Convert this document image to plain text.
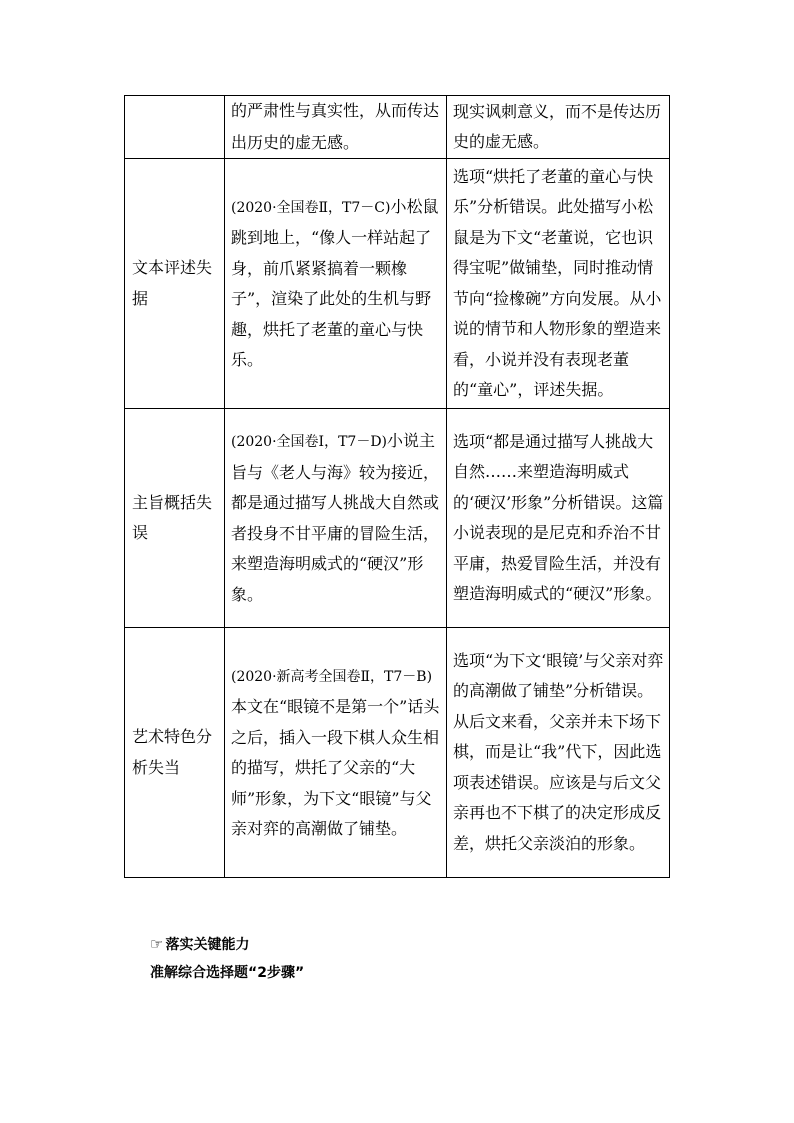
	的严肃性与真实性，从而传达出历史的虚无感。	现实讽刺意义，而不是传达历史的虚无感。

文本评述失据	(2020·全国卷Ⅱ，T7－C)小松鼠跳到地上，“像人一样站起了身，前爪紧紧搞着一颗橡子”，渲染了此处的生机与野趣，烘托了老董的童心与快乐。	选项“烘托了老董的童心与快乐”分析错误。此处描写小松鼠是为下文“老董说，它也识得宝呢”做铺垫，同时推动情节向“捡橡碗”方向发展。从小说的情节和人物形象的塑造来看，小说并没有表现老董的“童心”，评述失据。

主旨概括失误	(2020·全国卷Ⅰ，T7－D)小说主旨与《老人与海》较为接近，都是通过描写人挑战大自然或者投身不甘平庸的冒险生活，来塑造海明威式的“硬汉”形象。	选项“都是通过描写人挑战大自然……来塑造海明威式的‘硬汉’形象”分析错误。这篇小说表现的是尼克和乔治不甘平庸，热爱冒险生活，并没有塑造海明威式的“硬汉”形象。

艺术特色分析失当	(2020·新高考全国卷Ⅱ，T7－B)本文在“眼镜不是第一个”话头之后，插入一段下棋人众生相的描写，烘托了父亲的“大师”形象，为下文“眼镜”与父亲对弈的高潮做了铺垫。	选项“为下文‘眼镜’与父亲对弈的高潮做了铺垫”分析错误。从后文来看，父亲并未下场下棋，而是让“我”代下，因此选项表述错误。应该是与后文父亲再也不下棋了的决定形成反差，烘托父亲淡泊的形象。
☞ 落实关键能力
准解综合选择题“2步骤”
